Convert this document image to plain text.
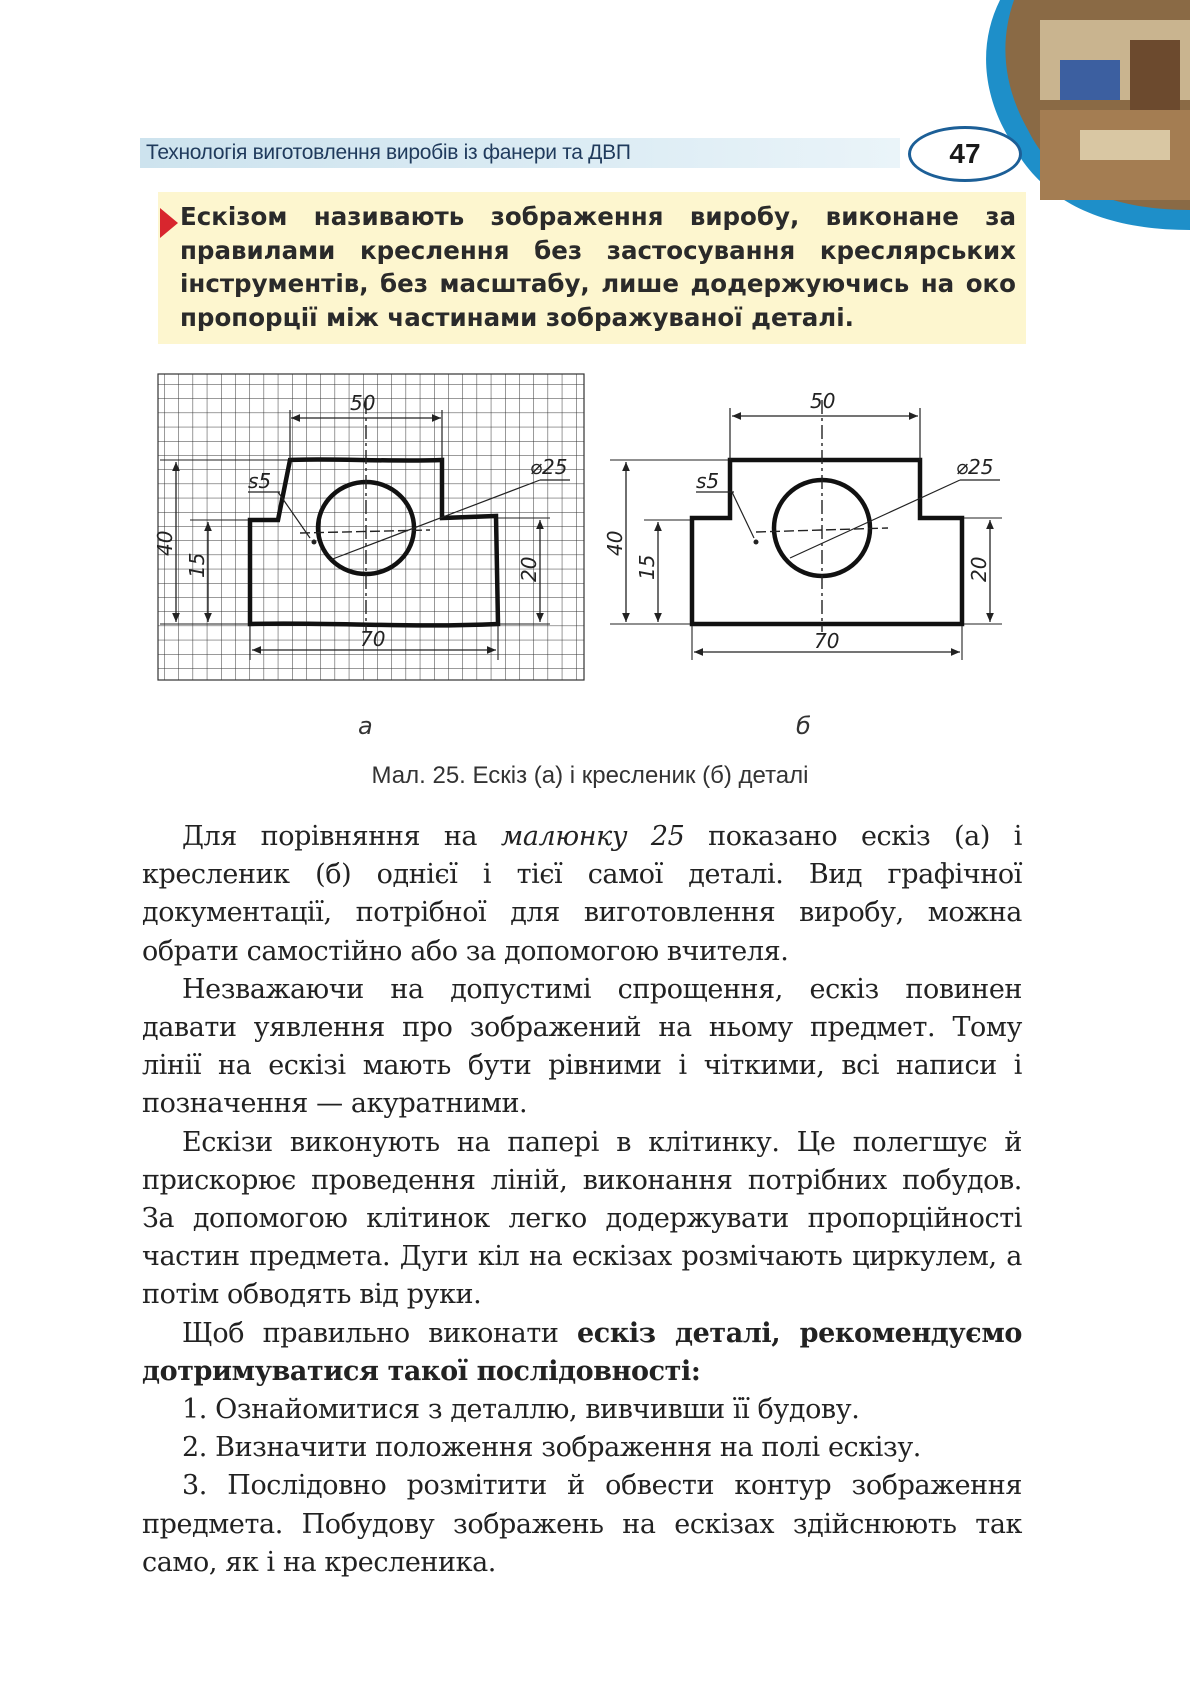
Технологія виготовлення виробів із фанери та ДВП	47
Ескізом називають зображення виробу, виконане за правилами креслення без застосування креслярських інструментів, без масштабу, лише додержуючись на око пропорції між частинами зображуваної деталі.
50
40
15	20
70
⌀25
s5
50
40
15	20
70
⌀25
s5
а	б
Мал. 25. Ескіз (а) і кресленик (б) деталі

Для порівняння на малюнку 25 показано ескіз (а) і кресленик (б) однієї і тієї самої деталі. Вид графічної документації, потрібної для виготовлення виробу, можна обрати самостійно або за допомогою вчителя.

Незважаючи на допустимі спрощення, ескіз повинен давати уявлення про зображений на ньому предмет. Тому лінії на ескізі мають бути рівними і чіткими, всі написи і позначення — акуратними.

Ескізи виконують на папері в клітинку. Це полегшує й прискорює проведення ліній, виконання потрібних побудов. За допомогою клітинок легко додержувати пропорційності частин предмета. Дуги кіл на ескізах розмічають циркулем, а потім обводять від руки.

Щоб правильно виконати ескіз деталі, рекомендуємо дотримуватися такої послідовності:

1. Ознайомитися з деталлю, вивчивши її будову.

2. Визначити положення зображення на полі ескізу.

3. Послідовно розмітити й обвести контур зображення предмета. Побудову зображень на ескізах здійснюють так само, як і на кресленика.
